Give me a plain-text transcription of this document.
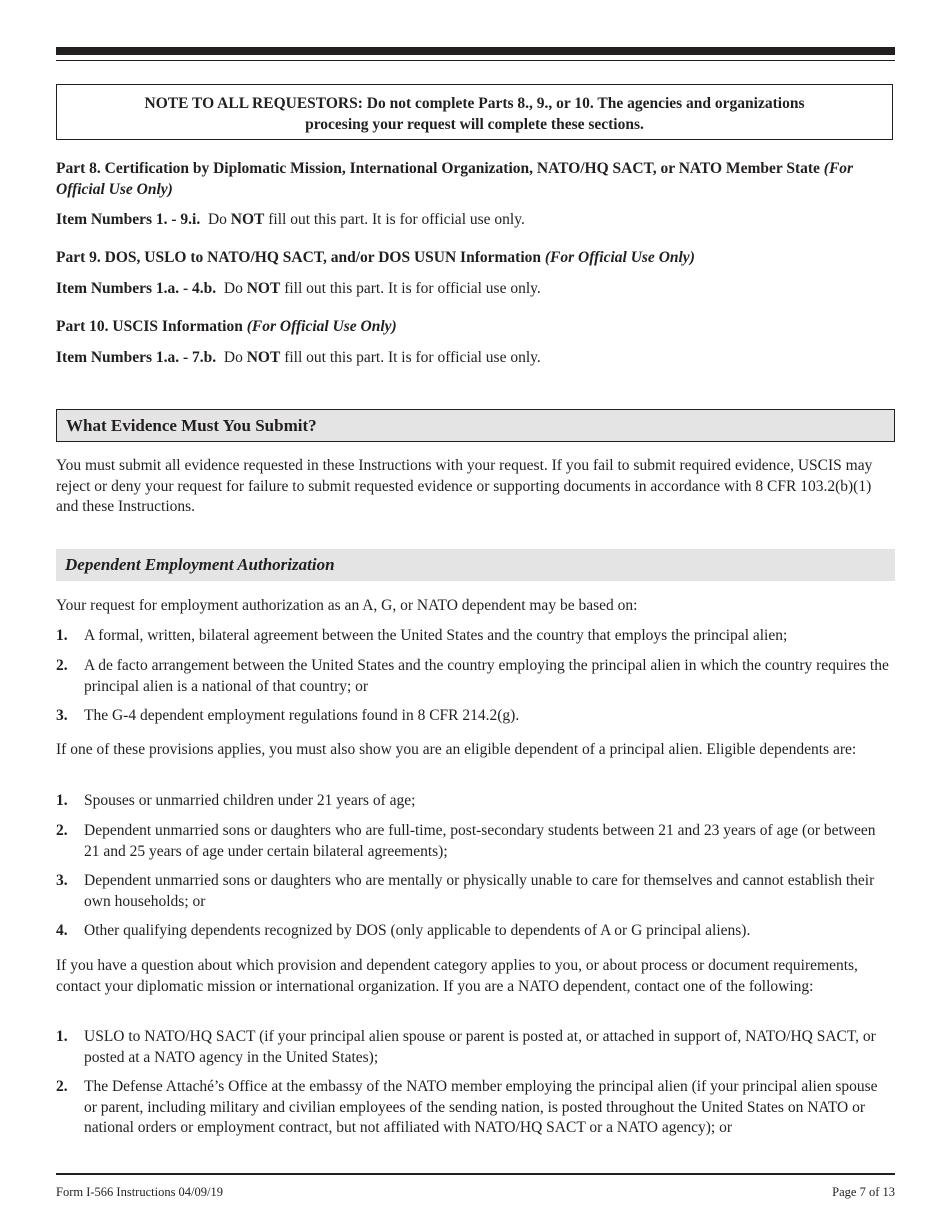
NOTE TO ALL REQUESTORS: Do not complete Parts 8., 9., or 10. The agencies and organizations
procesing your request will complete these sections.
Part 8. Certification by Diplomatic Mission, International Organization, NATO/HQ SACT, or NATO Member State (For Official Use Only)
Item Numbers 1. - 9.i. Do NOT fill out this part. It is for official use only.
Part 9. DOS, USLO to NATO/HQ SACT, and/or DOS USUN Information (For Official Use Only)
Item Numbers 1.a. - 4.b. Do NOT fill out this part. It is for official use only.
Part 10. USCIS Information (For Official Use Only)
Item Numbers 1.a. - 7.b. Do NOT fill out this part. It is for official use only.
What Evidence Must You Submit?
You must submit all evidence requested in these Instructions with your request. If you fail to submit required evidence, USCIS may reject or deny your request for failure to submit requested evidence or supporting documents in accordance with 8 CFR 103.2(b)(1) and these Instructions.
Dependent Employment Authorization
Your request for employment authorization as an A, G, or NATO dependent may be based on:
1. A formal, written, bilateral agreement between the United States and the country that employs the principal alien;
2. A de facto arrangement between the United States and the country employing the principal alien in which the country requires the principal alien is a national of that country; or
3. The G-4 dependent employment regulations found in 8 CFR 214.2(g).
If one of these provisions applies, you must also show you are an eligible dependent of a principal alien. Eligible dependents are:
1. Spouses or unmarried children under 21 years of age;
2. Dependent unmarried sons or daughters who are full-time, post-secondary students between 21 and 23 years of age (or between 21 and 25 years of age under certain bilateral agreements);
3. Dependent unmarried sons or daughters who are mentally or physically unable to care for themselves and cannot establish their own households; or
4. Other qualifying dependents recognized by DOS (only applicable to dependents of A or G principal aliens).
If you have a question about which provision and dependent category applies to you, or about process or document requirements, contact your diplomatic mission or international organization. If you are a NATO dependent, contact one of the following:
1. USLO to NATO/HQ SACT (if your principal alien spouse or parent is posted at, or attached in support of, NATO/HQ SACT, or posted at a NATO agency in the United States);
2. The Defense Attaché’s Office at the embassy of the NATO member employing the principal alien (if your principal alien spouse or parent, including military and civilian employees of the sending nation, is posted throughout the United States on NATO or national orders or employment contract, but not affiliated with NATO/HQ SACT or a NATO agency); or
Form I-566 Instructions 04/09/19	Page 7 of 13
